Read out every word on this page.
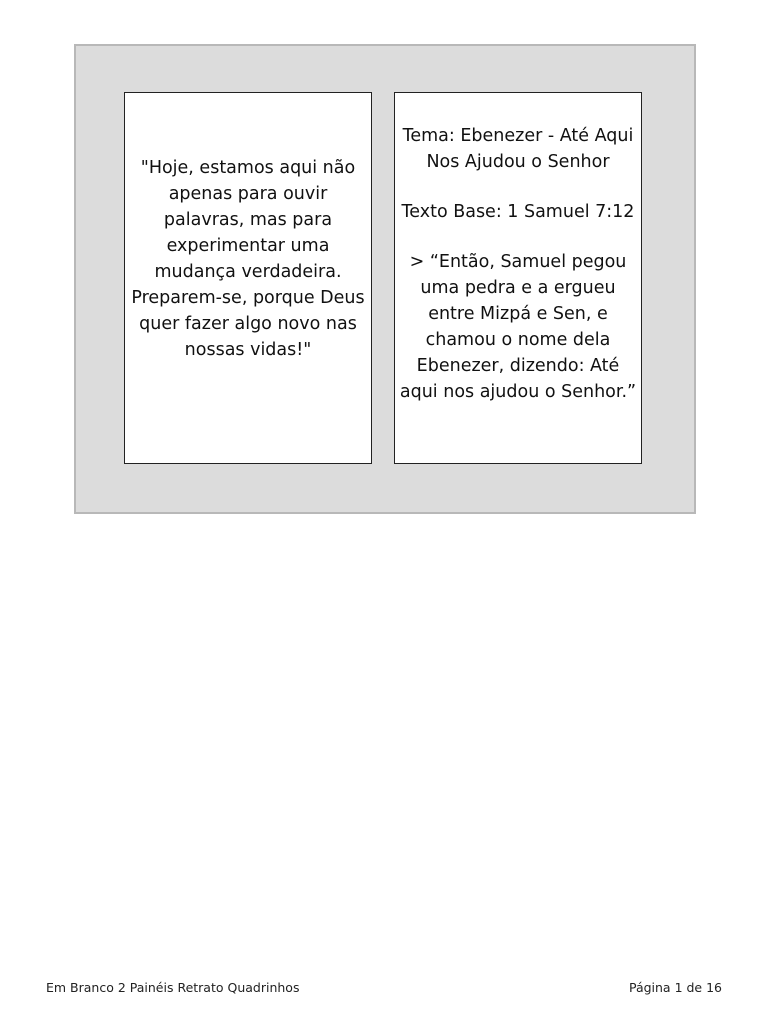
"Hoje, estamos aqui não apenas para ouvir palavras, mas para experimentar uma mudança verdadeira. Preparem-se, porque Deus quer fazer algo novo nas nossas vidas!"

Tema: Ebenezer - Até Aqui Nos Ajudou o Senhor

Texto Base: 1 Samuel 7:12

> “Então, Samuel pegou uma pedra e a ergueu entre Mizpá e Sen, e chamou o nome dela Ebenezer, dizendo: Até aqui nos ajudou o Senhor.”

Em Branco 2 Painéis Retrato Quadrinhos	Página 1 de 16
